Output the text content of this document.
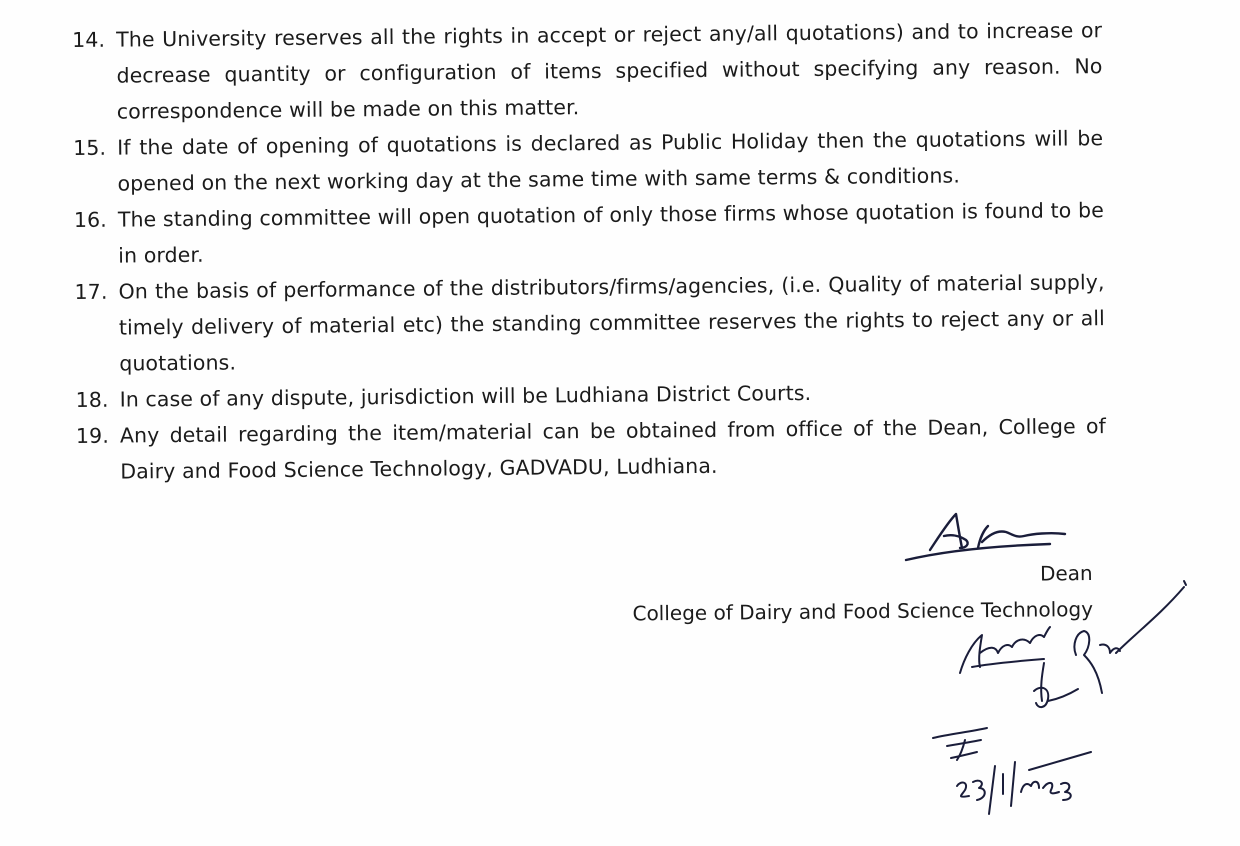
14. The University reserves all the rights in accept or reject any/all quotations) and to increase or decrease quantity or configuration of items specified without specifying any reason. No correspondence will be made on this matter.
15. If the date of opening of quotations is declared as Public Holiday then the quotations will be opened on the next working day at the same time with same terms & conditions.
16. The standing committee will open quotation of only those firms whose quotation is found to be in order.
17. On the basis of performance of the distributors/firms/agencies, (i.e. Quality of material supply, timely delivery of material etc) the standing committee reserves the rights to reject any or all quotations.
18. In case of any dispute, jurisdiction will be Ludhiana District Courts.
19. Any detail regarding the item/material can be obtained from office of the Dean, College of Dairy and Food Science Technology, GADVADU, Ludhiana.
Dean
College of Dairy and Food Science Technology
